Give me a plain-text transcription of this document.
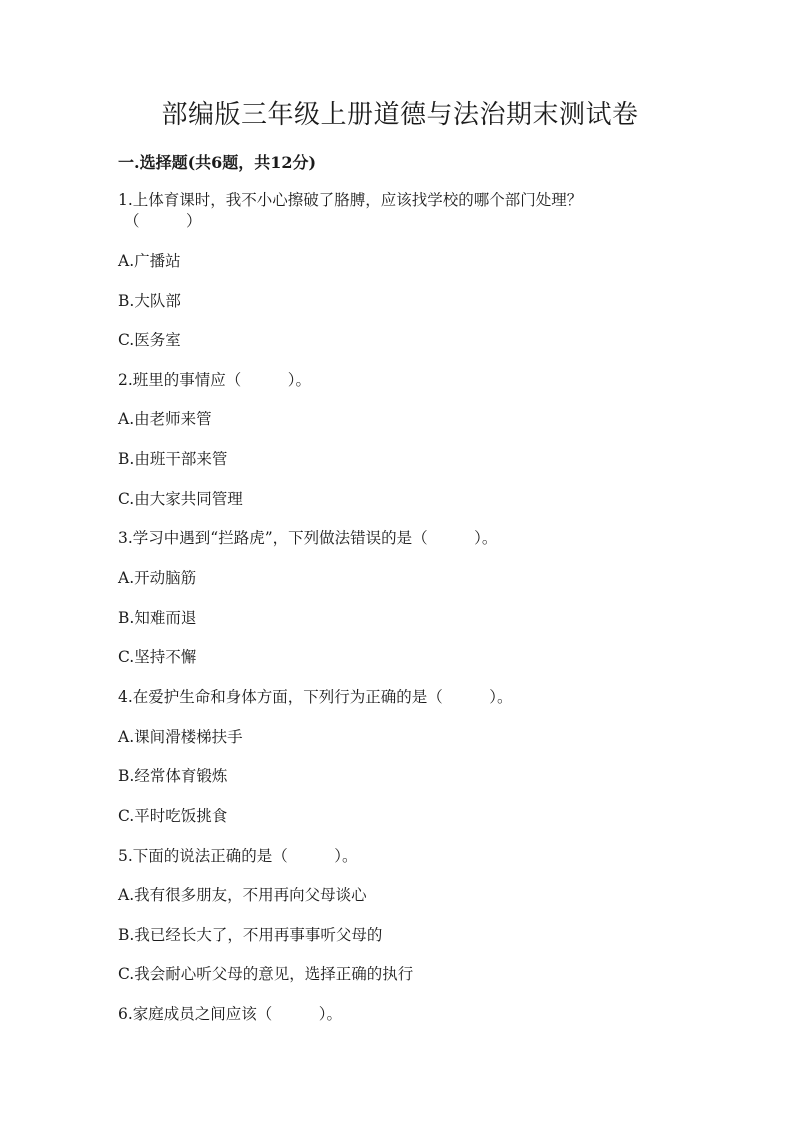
部编版三年级上册道德与法治期末测试卷
一.选择题(共6题，共12分)
1.上体育课时，我不小心擦破了胳膊，应该找学校的哪个部门处理？
（　　　）
A.广播站
B.大队部
C.医务室
2.班里的事情应（　　　）。
A.由老师来管
B.由班干部来管
C.由大家共同管理
3.学习中遇到“拦路虎”，下列做法错误的是（　　　）。
A.开动脑筋
B.知难而退
C.坚持不懈
4.在爱护生命和身体方面，下列行为正确的是（　　　）。
A.课间滑楼梯扶手
B.经常体育锻炼
C.平时吃饭挑食
5.下面的说法正确的是（　　　）。
A.我有很多朋友，不用再向父母谈心
B.我已经长大了，不用再事事听父母的
C.我会耐心听父母的意见，选择正确的执行
6.家庭成员之间应该（　　　）。
